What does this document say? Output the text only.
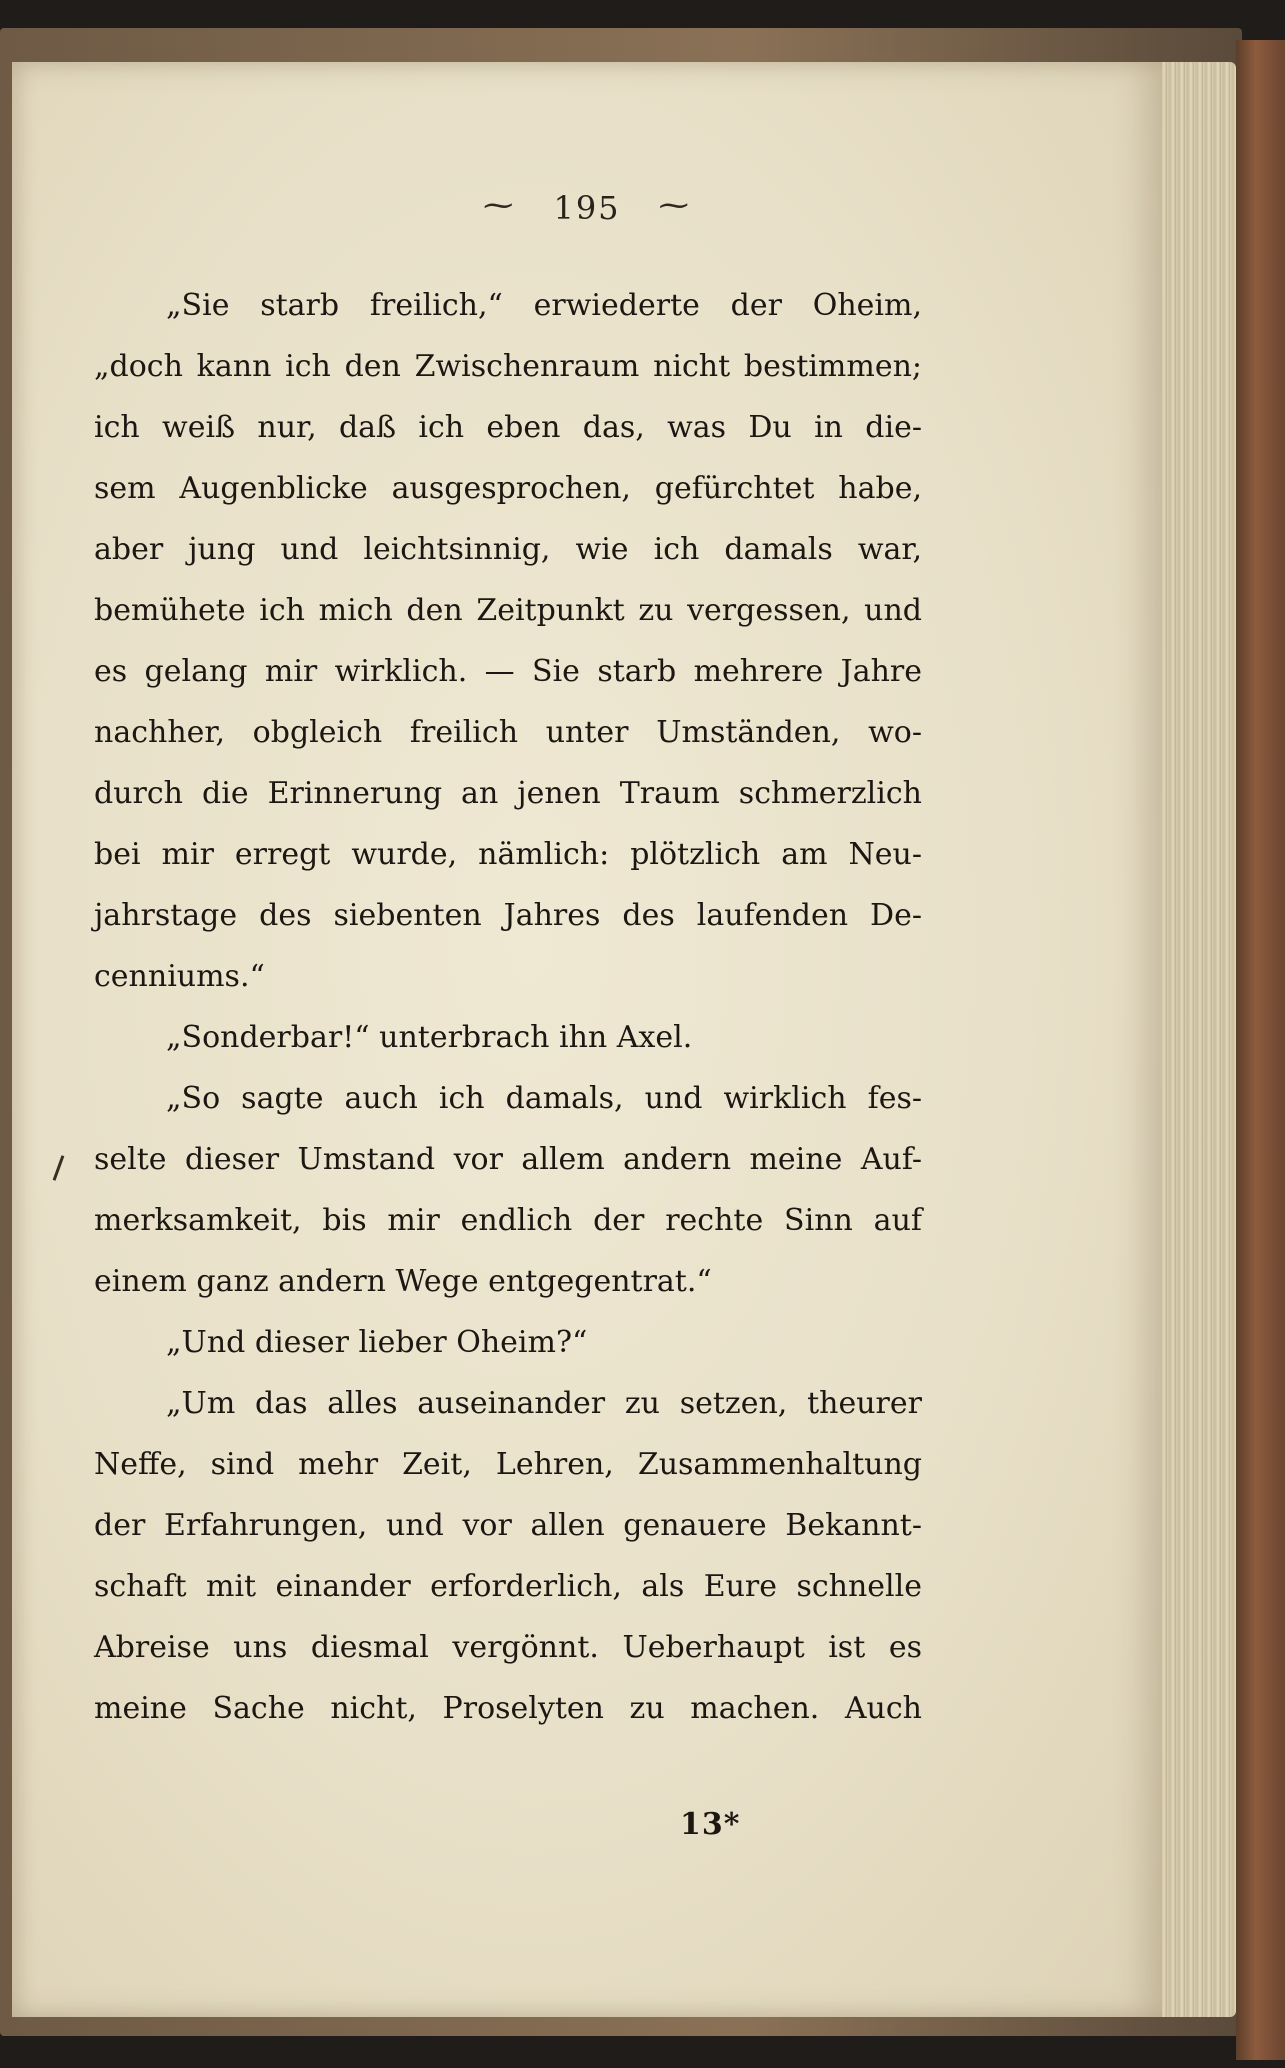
⁓ 195 ⁓
„Sie starb freilich,“ erwiederte der Oheim,
„doch kann ich den Zwischenraum nicht bestimmen;
ich weiß nur, daß ich eben das, was Du in die-
sem Augenblicke ausgesprochen, gefürchtet habe,
aber jung und leichtsinnig, wie ich damals war,
bemühete ich mich den Zeitpunkt zu vergessen, und
es gelang mir wirklich. — Sie starb mehrere Jahre
nachher, obgleich freilich unter Umständen, wo-
durch die Erinnerung an jenen Traum schmerzlich
bei mir erregt wurde, nämlich: plötzlich am Neu-
jahrstage des siebenten Jahres des laufenden De-
cenniums.“
„Sonderbar!“ unterbrach ihn Axel.
„So sagte auch ich damals, und wirklich fes-
selte dieser Umstand vor allem andern meine Auf-
merksamkeit, bis mir endlich der rechte Sinn auf
einem ganz andern Wege entgegentrat.“
„Und dieser lieber Oheim?“
„Um das alles auseinander zu setzen, theurer
Neffe, sind mehr Zeit, Lehren, Zusammenhaltung
der Erfahrungen, und vor allen genauere Bekannt-
schaft mit einander erforderlich, als Eure schnelle
Abreise uns diesmal vergönnt. Ueberhaupt ist es
meine Sache nicht, Proselyten zu machen. Auch
13*
